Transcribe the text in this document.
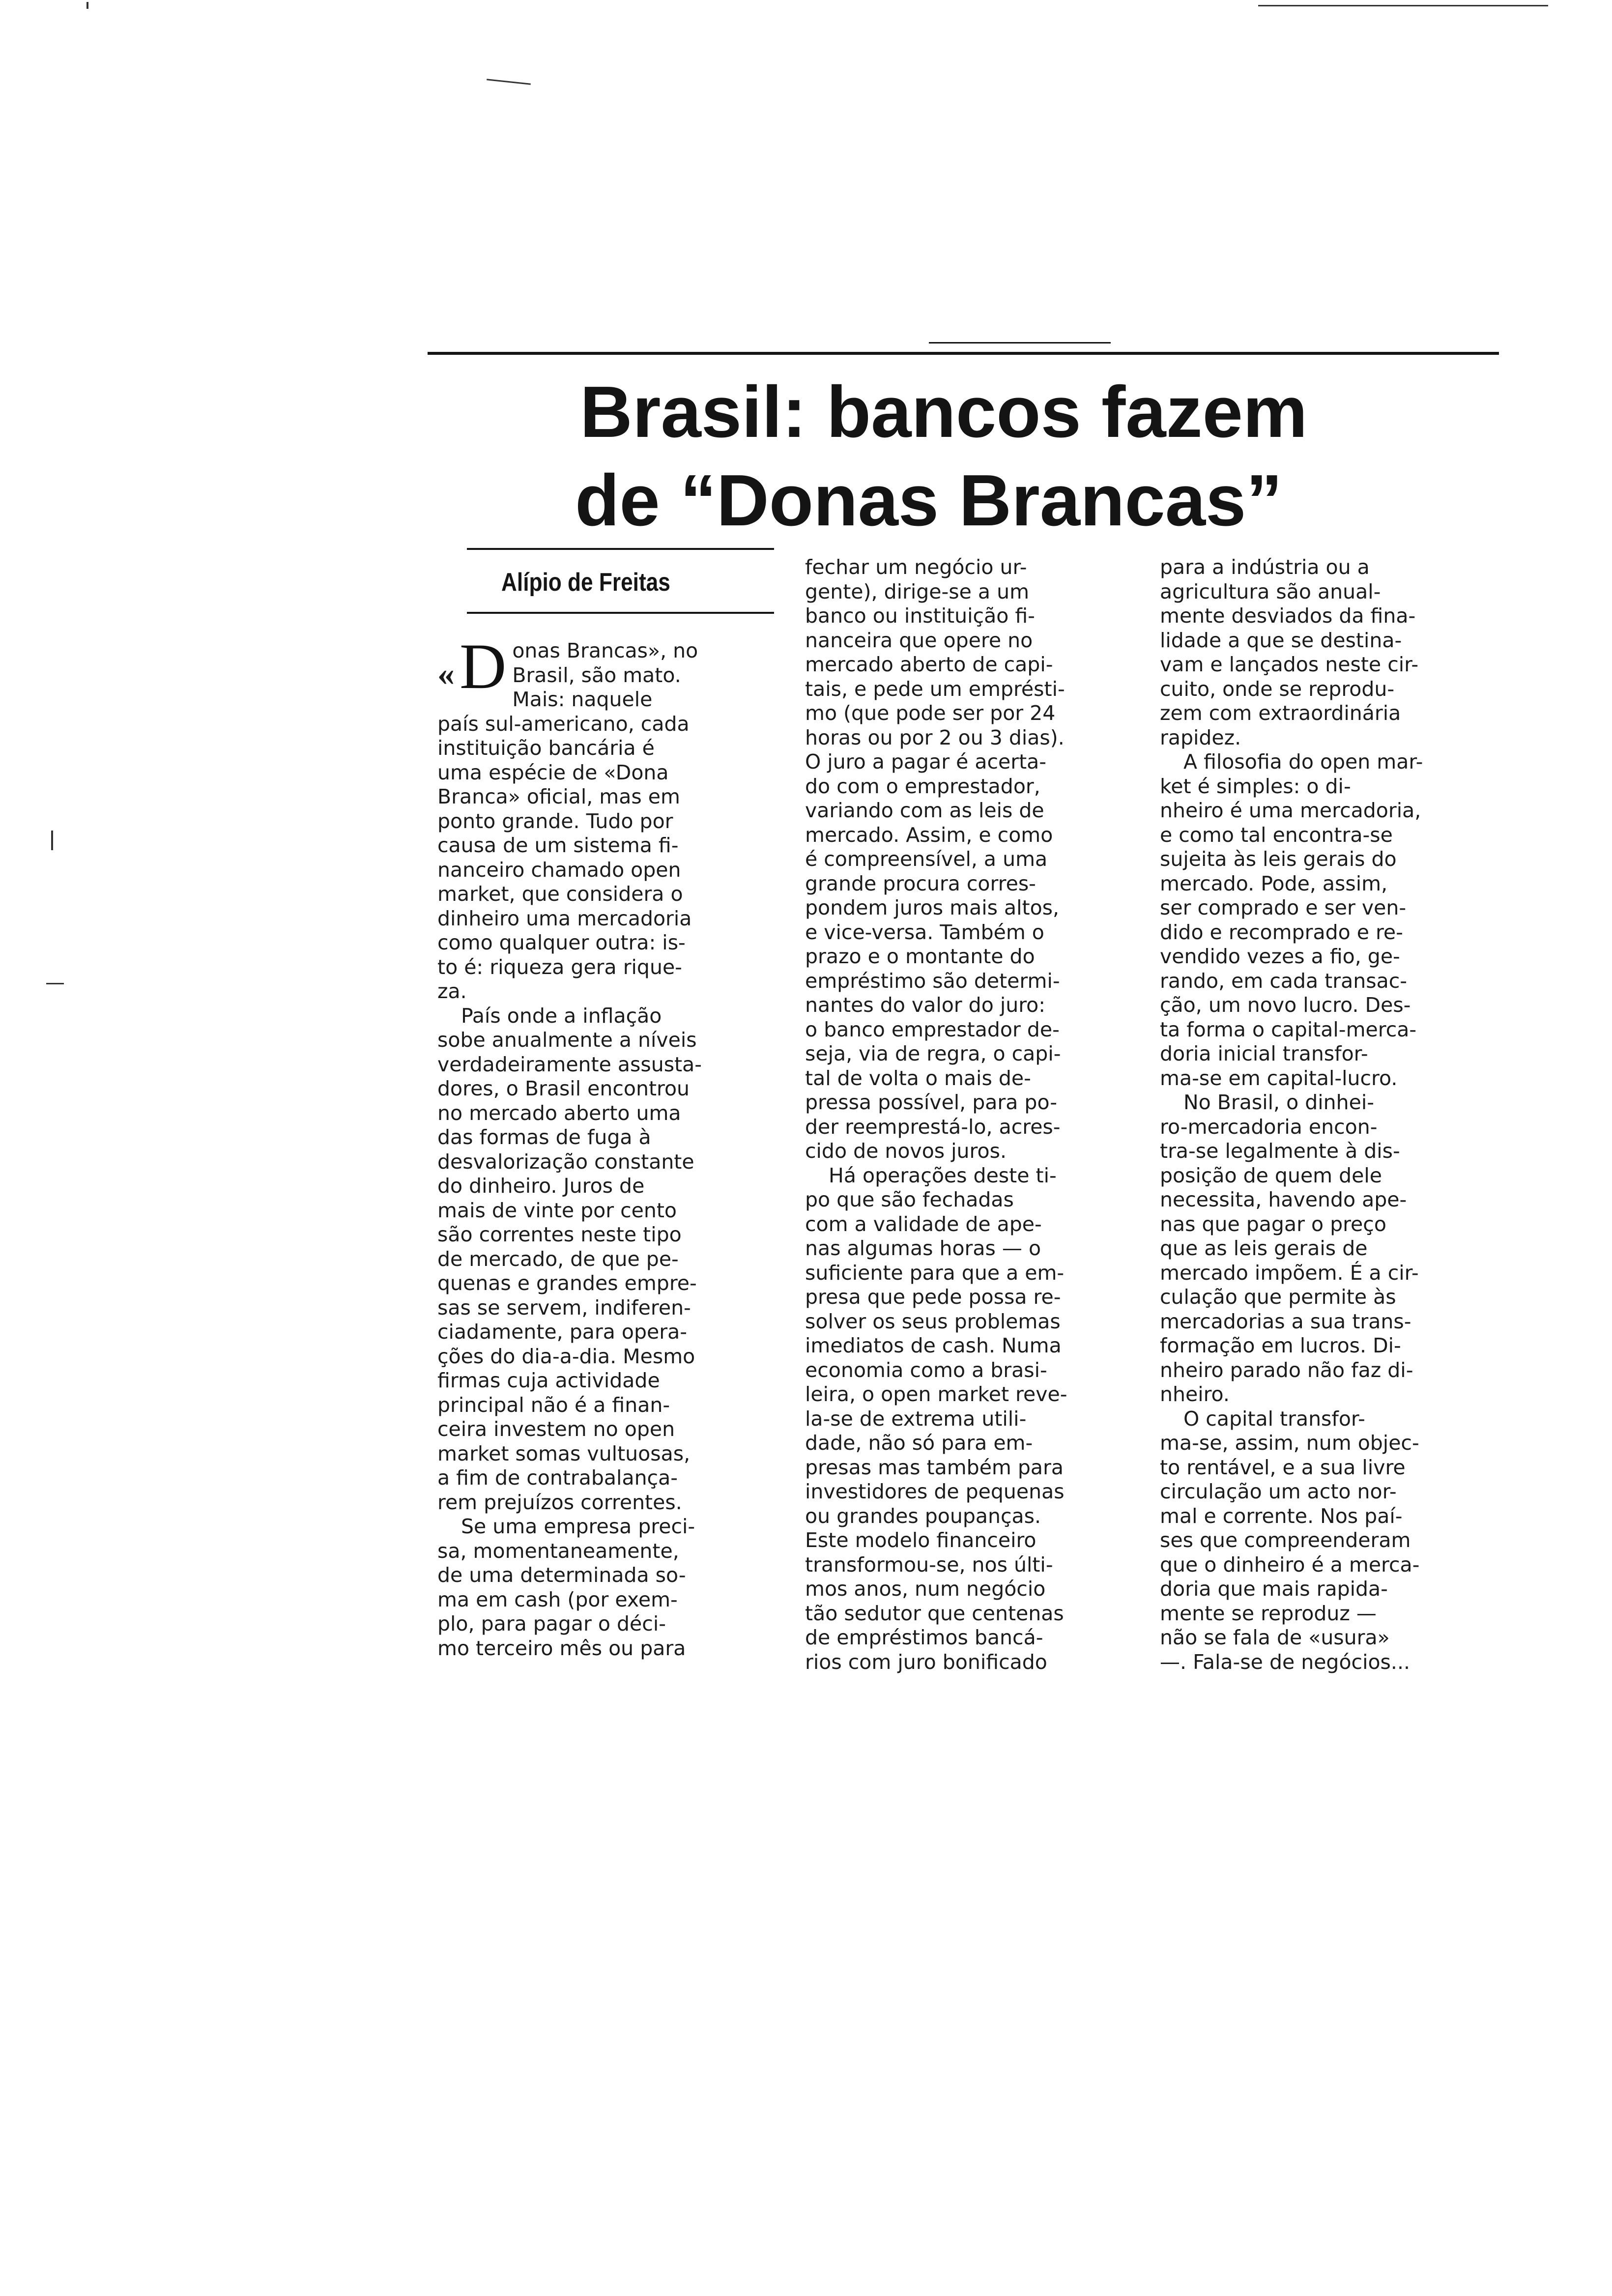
Brasil: bancos fazem
de “Donas Brancas”
Alípio de Freitas
« D onas Brancas», no

Brasil, são mato.
Mais: naquele
país sul-americano, cada
instituição bancária é
uma espécie de «Dona
Branca» oficial, mas em
ponto grande. Tudo por
causa de um sistema fi-
nanceiro chamado open
market, que considera o
dinheiro uma mercadoria
como qualquer outra: is-
to é: riqueza gera rique-
za.
País onde a inflação
sobe anualmente a níveis
verdadeiramente assusta-
dores, o Brasil encontrou
no mercado aberto uma
das formas de fuga à
desvalorização constante
do dinheiro. Juros de
mais de vinte por cento
são correntes neste tipo
de mercado, de que pe-
quenas e grandes empre-
sas se servem, indiferen-
ciadamente, para opera-
ções do dia-a-dia. Mesmo
firmas cuja actividade
principal não é a finan-
ceira investem no open
market somas vultuosas,
a fim de contrabalança-
rem prejuízos correntes.
Se uma empresa preci-
sa, momentaneamente,
de uma determinada so-
ma em cash (por exem-
plo, para pagar o déci-
mo terceiro mês ou para
fechar um negócio ur-
gente), dirige-se a um
banco ou instituição fi-
nanceira que opere no
mercado aberto de capi-
tais, e pede um emprésti-
mo (que pode ser por 24
horas ou por 2 ou 3 dias).
O juro a pagar é acerta-
do com o emprestador,
variando com as leis de
mercado. Assim, e como
é compreensível, a uma
grande procura corres-
pondem juros mais altos,
e vice-versa. Também o
prazo e o montante do
empréstimo são determi-
nantes do valor do juro:
o banco emprestador de-
seja, via de regra, o capi-
tal de volta o mais de-
pressa possível, para po-
der reemprestá-lo, acres-
cido de novos juros.
Há operações deste ti-
po que são fechadas
com a validade de ape-
nas algumas horas — o
suficiente para que a em-
presa que pede possa re-
solver os seus problemas
imediatos de cash. Numa
economia como a brasi-
leira, o open market reve-
la-se de extrema utili-
dade, não só para em-
presas mas também para
investidores de pequenas
ou grandes poupanças.
Este modelo financeiro
transformou-se, nos últi-
mos anos, num negócio
tão sedutor que centenas
de empréstimos bancá-
rios com juro bonificado
para a indústria ou a
agricultura são anual-
mente desviados da fina-
lidade a que se destina-
vam e lançados neste cir-
cuito, onde se reprodu-
zem com extraordinária
rapidez.
A filosofia do open mar-
ket é simples: o di-
nheiro é uma mercadoria,
e como tal encontra-se
sujeita às leis gerais do
mercado. Pode, assim,
ser comprado e ser ven-
dido e recomprado e re-
vendido vezes a fio, ge-
rando, em cada transac-
ção, um novo lucro. Des-
ta forma o capital-merca-
doria inicial transfor-
ma-se em capital-lucro.
No Brasil, o dinhei-
ro-mercadoria encon-
tra-se legalmente à dis-
posição de quem dele
necessita, havendo ape-
nas que pagar o preço
que as leis gerais de
mercado impõem. É a cir-
culação que permite às
mercadorias a sua trans-
formação em lucros. Di-
nheiro parado não faz di-
nheiro.
O capital transfor-
ma-se, assim, num objec-
to rentável, e a sua livre
circulação um acto nor-
mal e corrente. Nos paí-
ses que compreenderam
que o dinheiro é a merca-
doria que mais rapida-
mente se reproduz —
não se fala de «usura»
—. Fala-se de negócios...
